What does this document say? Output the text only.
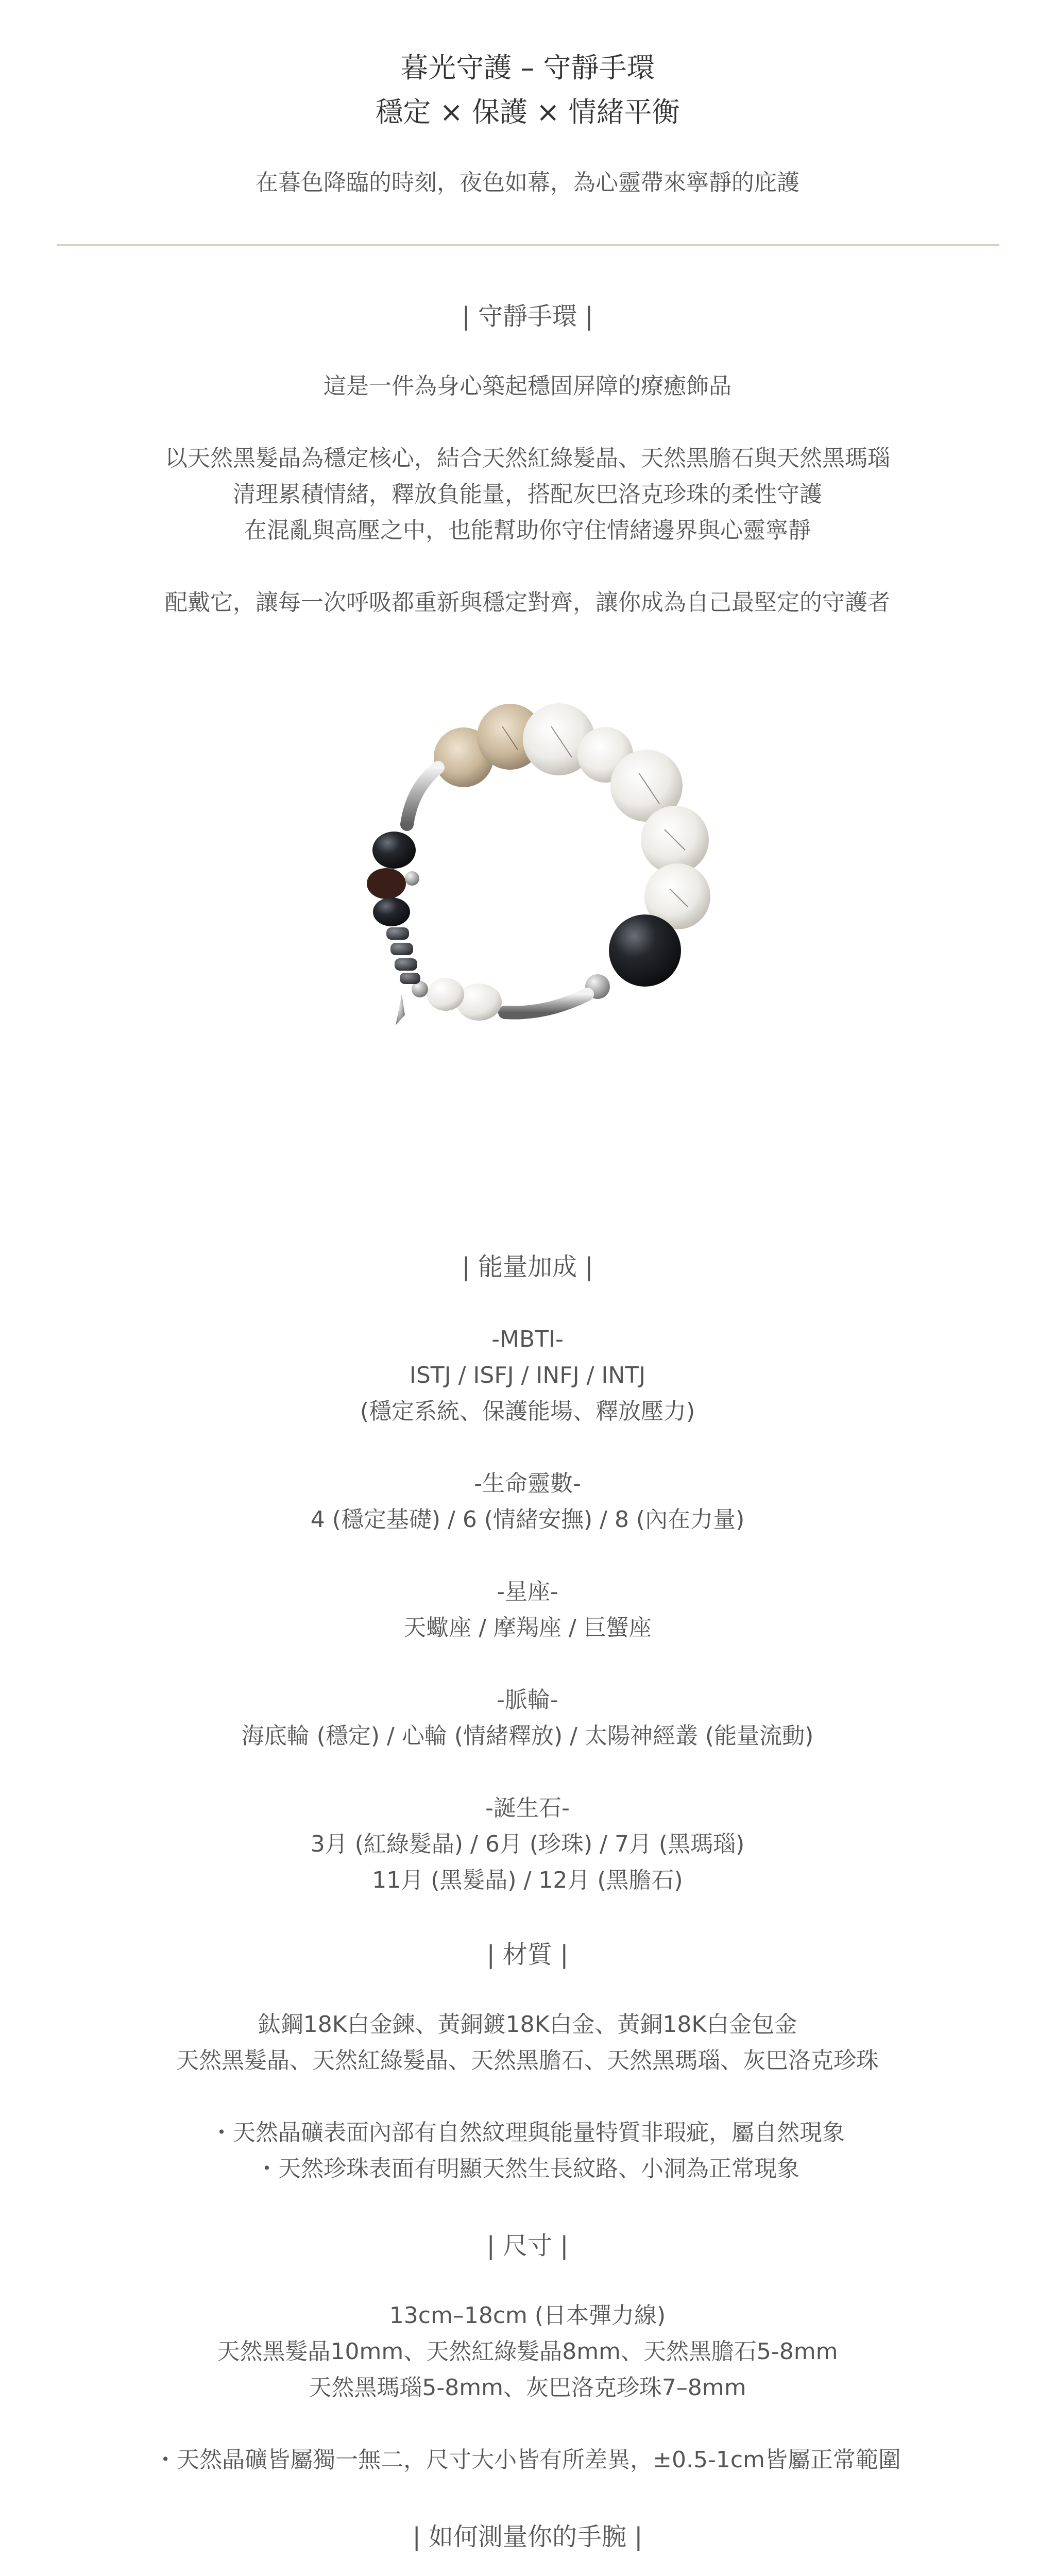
暮光守護 – 守靜手環
穩定 × 保護 × 情緒平衡
在暮色降臨的時刻，夜色如幕，為心靈帶來寧靜的庇護
| 守靜手環 |
這是一件為身心築起穩固屏障的療癒飾品
以天然黑髮晶為穩定核心，結合天然紅綠髮晶、天然黑膽石與天然黑瑪瑙
清理累積情緒，釋放負能量，搭配灰巴洛克珍珠的柔性守護
在混亂與高壓之中，也能幫助你守住情緒邊界與心靈寧靜
配戴它，讓每一次呼吸都重新與穩定對齊，讓你成為自己最堅定的守護者
| 能量加成 |
-MBTI-
ISTJ / ISFJ / INFJ / INTJ
(穩定系統、保護能場、釋放壓力)
-生命靈數-
4 (穩定基礎) / 6 (情緒安撫) / 8 (內在力量)
-星座-
天蠍座 / 摩羯座 / 巨蟹座
-脈輪-
海底輪 (穩定) / 心輪 (情緒釋放) / 太陽神經叢 (能量流動)
-誕生石-
3月 (紅綠髮晶) / 6月 (珍珠) / 7月 (黑瑪瑙)
11月 (黑髮晶) / 12月 (黑膽石)
| 材質 |
鈦鋼18K白金鍊、黃銅鍍18K白金、黃銅18K白金包金
天然黑髮晶、天然紅綠髮晶、天然黑膽石、天然黑瑪瑙、灰巴洛克珍珠
・天然晶礦表面內部有自然紋理與能量特質非瑕疵，屬自然現象
・天然珍珠表面有明顯天然生長紋路、小洞為正常現象
| 尺寸 |
13cm–18cm (日本彈力線)
天然黑髮晶10mm、天然紅綠髮晶8mm、天然黑膽石5-8mm
天然黑瑪瑙5-8mm、灰巴洛克珍珠7–8mm
・天然晶礦皆屬獨一無二，尺寸大小皆有所差異，±0.5-1cm皆屬正常範圍
| 如何測量你的手腕 |
